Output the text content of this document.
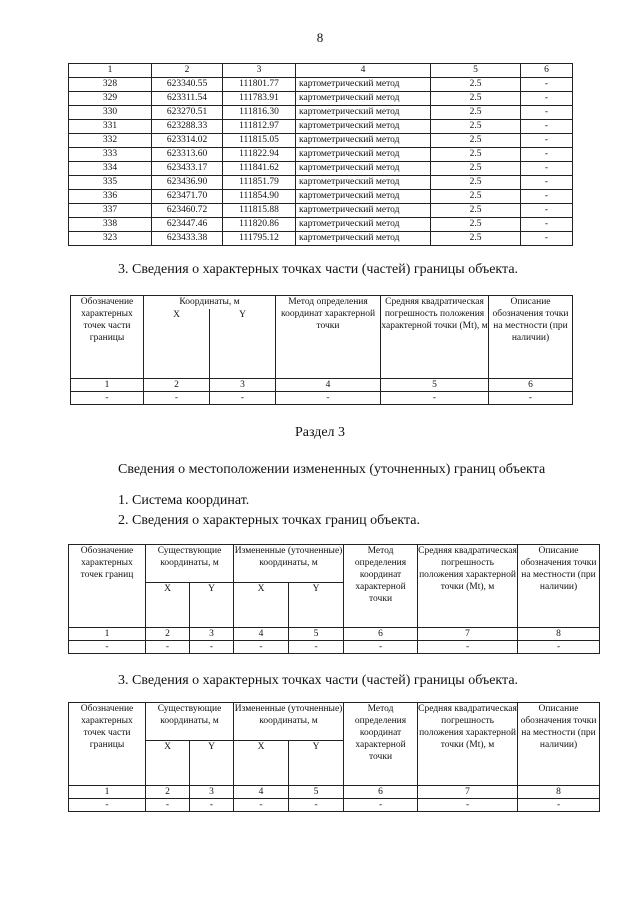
8
1	2	3	4	5	6
328	623340.55	111801.77	картометрический метод	2.5	-
329	623311.54	111783.91	картометрический метод	2.5	-
330	623270.51	111816.30	картометрический метод	2.5	-
331	623288.33	111812.97	картометрический метод	2.5	-
332	623314.02	111815.05	картометрический метод	2.5	-
333	623313.60	111822.94	картометрический метод	2.5	-
334	623433.17	111841.62	картометрический метод	2.5	-
335	623436.90	111851.79	картометрический метод	2.5	-
336	623471.70	111854.90	картометрический метод	2.5	-
337	623460.72	111815.88	картометрический метод	2.5	-
338	623447.46	111820.86	картометрический метод	2.5	-
323	623433.38	111795.12	картометрический метод	2.5	-
3. Сведения о характерных точках части (частей) границы объекта.
Обозначение характерных точек части границы	Координаты, м		Метод определения координат характерной точки	Средняя квадратическая погрешность положения характерной точки (Mt), м	Описание обозначения точки на местности (при наличии)
	X	Y			
1	2	3	4	5	6
-	-	-	-	-	-
Раздел 3
Сведения о местоположении измененных (уточненных) границ объекта
1. Система координат.
2. Сведения о характерных точках границ объекта.
Обозначение характерных точек границ	Существующие координаты, м		Измененные (уточненные) координаты, м		Метод определения координат характерной точки	Средняя квадратическая погрешность положения характерной точки (Mt), м	Описание обозначения точки на местности (при наличии)
	X	Y	X	Y			
1	2	3	4	5	6	7	8
-	-	-	-	-	-	-	-
3. Сведения о характерных точках части (частей) границы объекта.
Обозначение характерных точек части границы	Существующие координаты, м		Измененные (уточненные) координаты, м		Метод определения координат характерной точки	Средняя квадратическая погрешность положения характерной точки (Mt), м	Описание обозначения точки на местности (при наличии)
	X	Y	X	Y			
1	2	3	4	5	6	7	8
-	-	-	-	-	-	-	-
